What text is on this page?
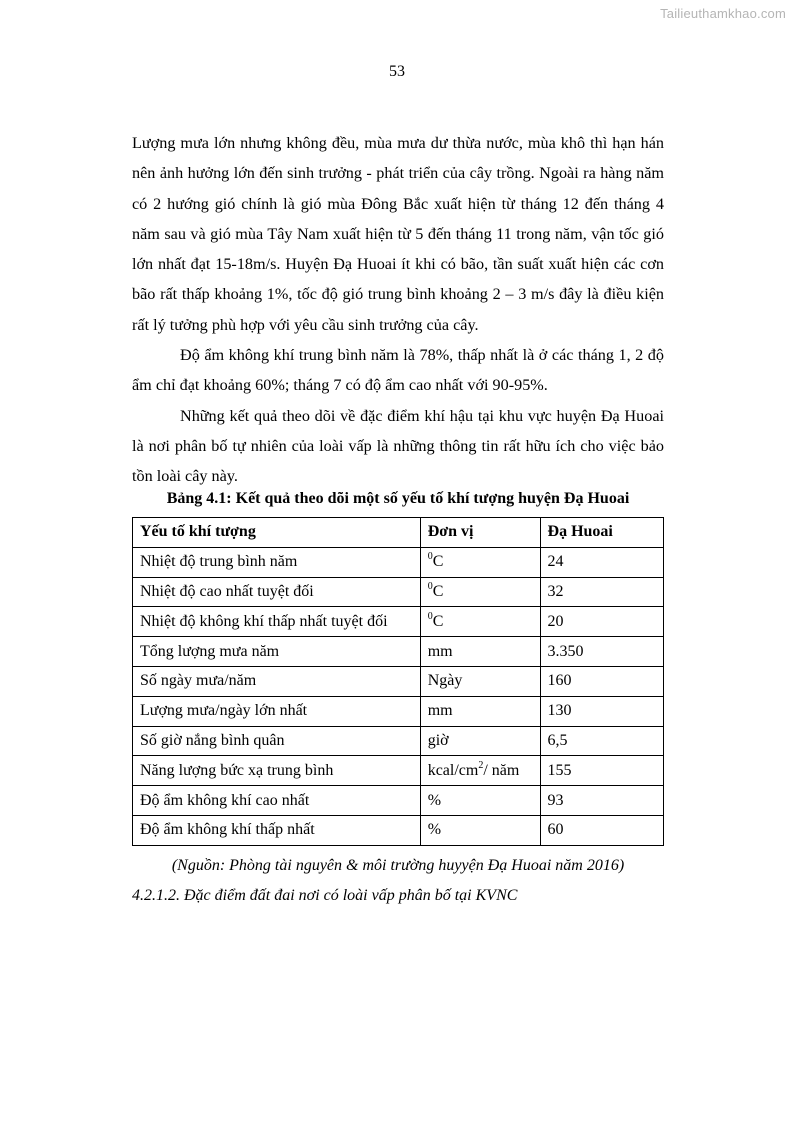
Tailieuthamkhao.com
53

Lượng mưa lớn nhưng không đều, mùa mưa dư thừa nước, mùa khô thì hạn hán nên ảnh hưởng lớn đến sinh trưởng - phát triển của cây trồng. Ngoài ra hàng năm có 2 hướng gió chính là gió mùa Đông Bắc xuất hiện từ tháng 12 đến tháng 4 năm sau và gió mùa Tây Nam xuất hiện từ 5 đến tháng 11 trong năm, vận tốc gió lớn nhất đạt 15-18m/s. Huyện Đạ Huoai ít khi có bão, tần suất xuất hiện các cơn bão rất thấp khoảng 1%, tốc độ gió trung bình khoảng 2 – 3 m/s đây là điều kiện rất lý tưởng phù hợp với yêu cầu sinh trưởng của cây.

Độ ẩm không khí trung bình năm là 78%, thấp nhất là ở các tháng 1, 2 độ ẩm chỉ đạt khoảng 60%; tháng 7 có độ ẩm cao nhất với 90-95%.

Những kết quả theo dõi về đặc điểm khí hậu tại khu vực huyện Đạ Huoai là nơi phân bố tự nhiên của loài vấp là những thông tin rất hữu ích cho việc bảo tồn loài cây này.

Bảng 4.1: Kết quả theo dõi một số yếu tố khí tượng huyện Đạ Huoai
Yếu tố khí tượng	Đơn vị	Đạ Huoai
Nhiệt độ trung bình năm	$^0$C	24
Nhiệt độ cao nhất tuyệt đối	$^0$C	32
Nhiệt độ không khí thấp nhất tuyệt đối	$^0$C	20
Tổng lượng mưa năm	mm	3.350
Số ngày mưa/năm	Ngày	160
Lượng mưa/ngày lớn nhất	mm	130
Số giờ nắng bình quân	giờ	6,5
Năng lượng bức xạ trung bình	kcal/$cm^2/$ năm	155
Độ ẩm không khí cao nhất	%	93
Độ ẩm không khí thấp nhất	%	60
(Nguồn: Phòng tài nguyên & môi trường huyyện Đạ Huoai năm 2016)
4.2.1.2. Đặc điểm đất đai nơi có loài vấp phân bố tại KVNC
